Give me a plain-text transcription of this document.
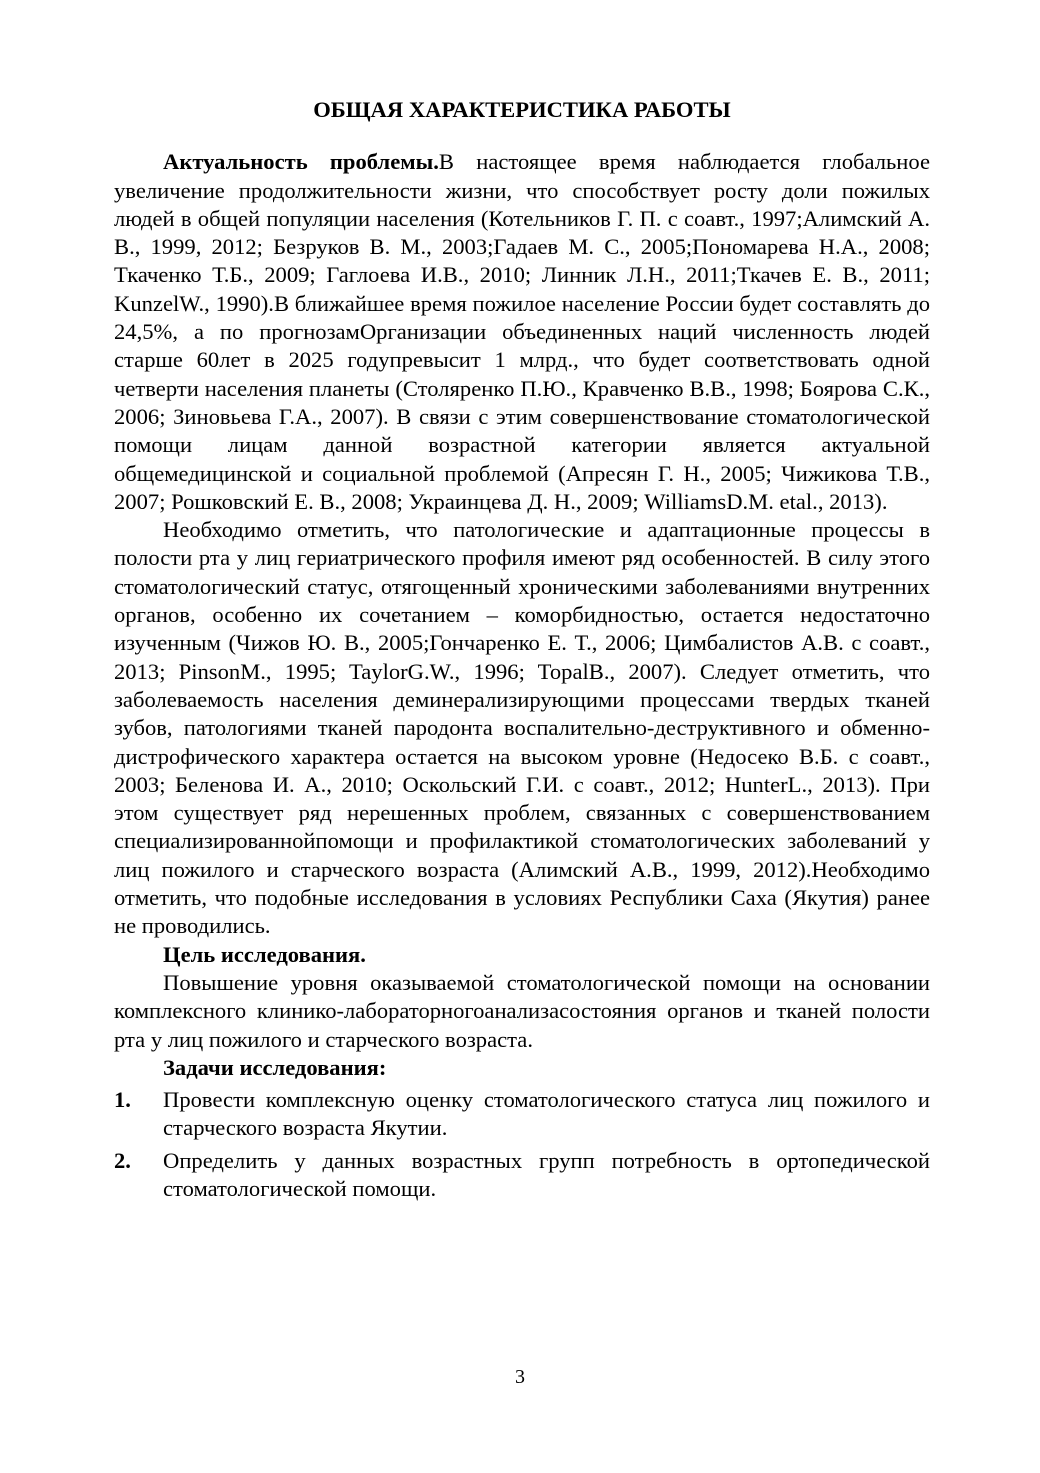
ОБЩАЯ ХАРАКТЕРИСТИКА РАБОТЫ

Актуальность проблемы.В настоящее время наблюдается глобальное увеличение продолжительности жизни, что способствует росту доли пожилых людей в общей популяции населения (Котельников Г. П. с соавт., 1997;Алимский А. В., 1999, 2012; Безруков В. М., 2003;Гадаев М. С., 2005;Пономарева Н.А., 2008; Ткаченко Т.Б., 2009; Гаглоева И.В., 2010; Линник Л.Н., 2011;Ткачев Е. В., 2011; KunzelW., 1990).В ближайшее время пожилое население России будет составлять до 24,5%, а по прогнозамОрганизации объединенных наций численность людей старше 60лет в 2025 годупревысит 1 млрд., что будет соответствовать одной четверти населения планеты (Столяренко П.Ю., Кравченко В.В., 1998; Боярова С.К., 2006; Зиновьева Г.А., 2007). В связи с этим совершенствование стоматологической помощи лицам данной возрастной категории является актуальной общемедицинской и социальной проблемой (Апресян Г. Н., 2005; Чижикова Т.В., 2007; Рошковский Е. В., 2008; Украинцева Д. Н., 2009; WilliamsD.M. etal., 2013).

Необходимо отметить, что патологические и адаптационные процессы в полости рта у лиц гериатрического профиля имеют ряд особенностей. В силу этого стоматологический статус, отягощенный хроническими заболеваниями внутренних органов, особенно их сочетанием – коморбидностью, остается недостаточно изученным (Чижов Ю. В., 2005;Гончаренко Е. Т., 2006; Цимбалистов А.В. с соавт., 2013; PinsonM., 1995; TaylorG.W., 1996; TopalB., 2007). Следует отметить, что заболеваемость населения деминерализирующими процессами твердых тканей зубов, патологиями тканей пародонта воспалительно-деструктивного и обменно-дистрофического характера остается на высоком уровне (Недосеко В.Б. с соавт., 2003; Беленова И. А., 2010; Оскольский Г.И. с соавт., 2012; HunterL., 2013). При этом существует ряд нерешенных проблем, связанных с совершенствованием специализированнойпомощи и профилактикой стоматологических заболеваний у лиц пожилого и старческого возраста (Алимский А.В., 1999, 2012).Необходимо отметить, что подобные исследования в условиях Республики Саха (Якутия) ранее не проводились.

Цель исследования.

Повышение уровня оказываемой стоматологической помощи на основании комплексного клинико-лабораторногоанализасостояния органов и тканей полости рта у лиц пожилого и старческого возраста.

Задачи исследования:

1.	Провести комплексную оценку стоматологического статуса лиц пожилого и старческого возраста Якутии.
2.	Определить у данных возрастных групп потребность в ортопедической стоматологической помощи.
3
